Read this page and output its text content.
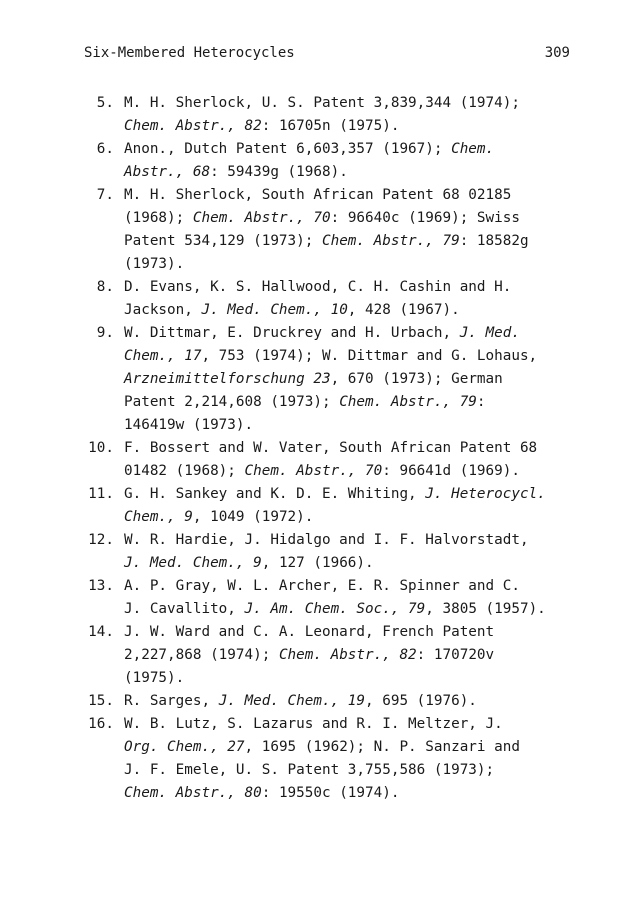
Six-Membered Heterocycles	309
5. M. H. Sherlock, U. S. Patent 3,839,344 (1974);
Chem. Abstr., 82: 16705n (1975).
6. Anon., Dutch Patent 6,603,357 (1967); Chem.
Abstr., 68: 59439g (1968).
7. M. H. Sherlock, South African Patent 68 02185
(1968); Chem. Abstr., 70: 96640c (1969); Swiss
Patent 534,129 (1973); Chem. Abstr., 79: 18582g
(1973).
8. D. Evans, K. S. Hallwood, C. H. Cashin and H.
Jackson, J. Med. Chem., 10, 428 (1967).
9. W. Dittmar, E. Druckrey and H. Urbach, J. Med.
Chem., 17, 753 (1974); W. Dittmar and G. Lohaus,
Arzneimittelforschung 23, 670 (1973); German
Patent 2,214,608 (1973); Chem. Abstr., 79:
146419w (1973).
10. F. Bossert and W. Vater, South African Patent 68
01482 (1968); Chem. Abstr., 70: 96641d (1969).
11. G. H. Sankey and K. D. E. Whiting, J. Heterocycl.
Chem., 9, 1049 (1972).
12. W. R. Hardie, J. Hidalgo and I. F. Halvorstadt,
J. Med. Chem., 9, 127 (1966).
13. A. P. Gray, W. L. Archer, E. R. Spinner and C.
J. Cavallito, J. Am. Chem. Soc., 79, 3805 (1957).
14. J. W. Ward and C. A. Leonard, French Patent
2,227,868 (1974); Chem. Abstr., 82: 170720v
(1975).
15. R. Sarges, J. Med. Chem., 19, 695 (1976).
16. W. B. Lutz, S. Lazarus and R. I. Meltzer, J.
Org. Chem., 27, 1695 (1962); N. P. Sanzari and
J. F. Emele, U. S. Patent 3,755,586 (1973);
Chem. Abstr., 80: 19550c (1974).
